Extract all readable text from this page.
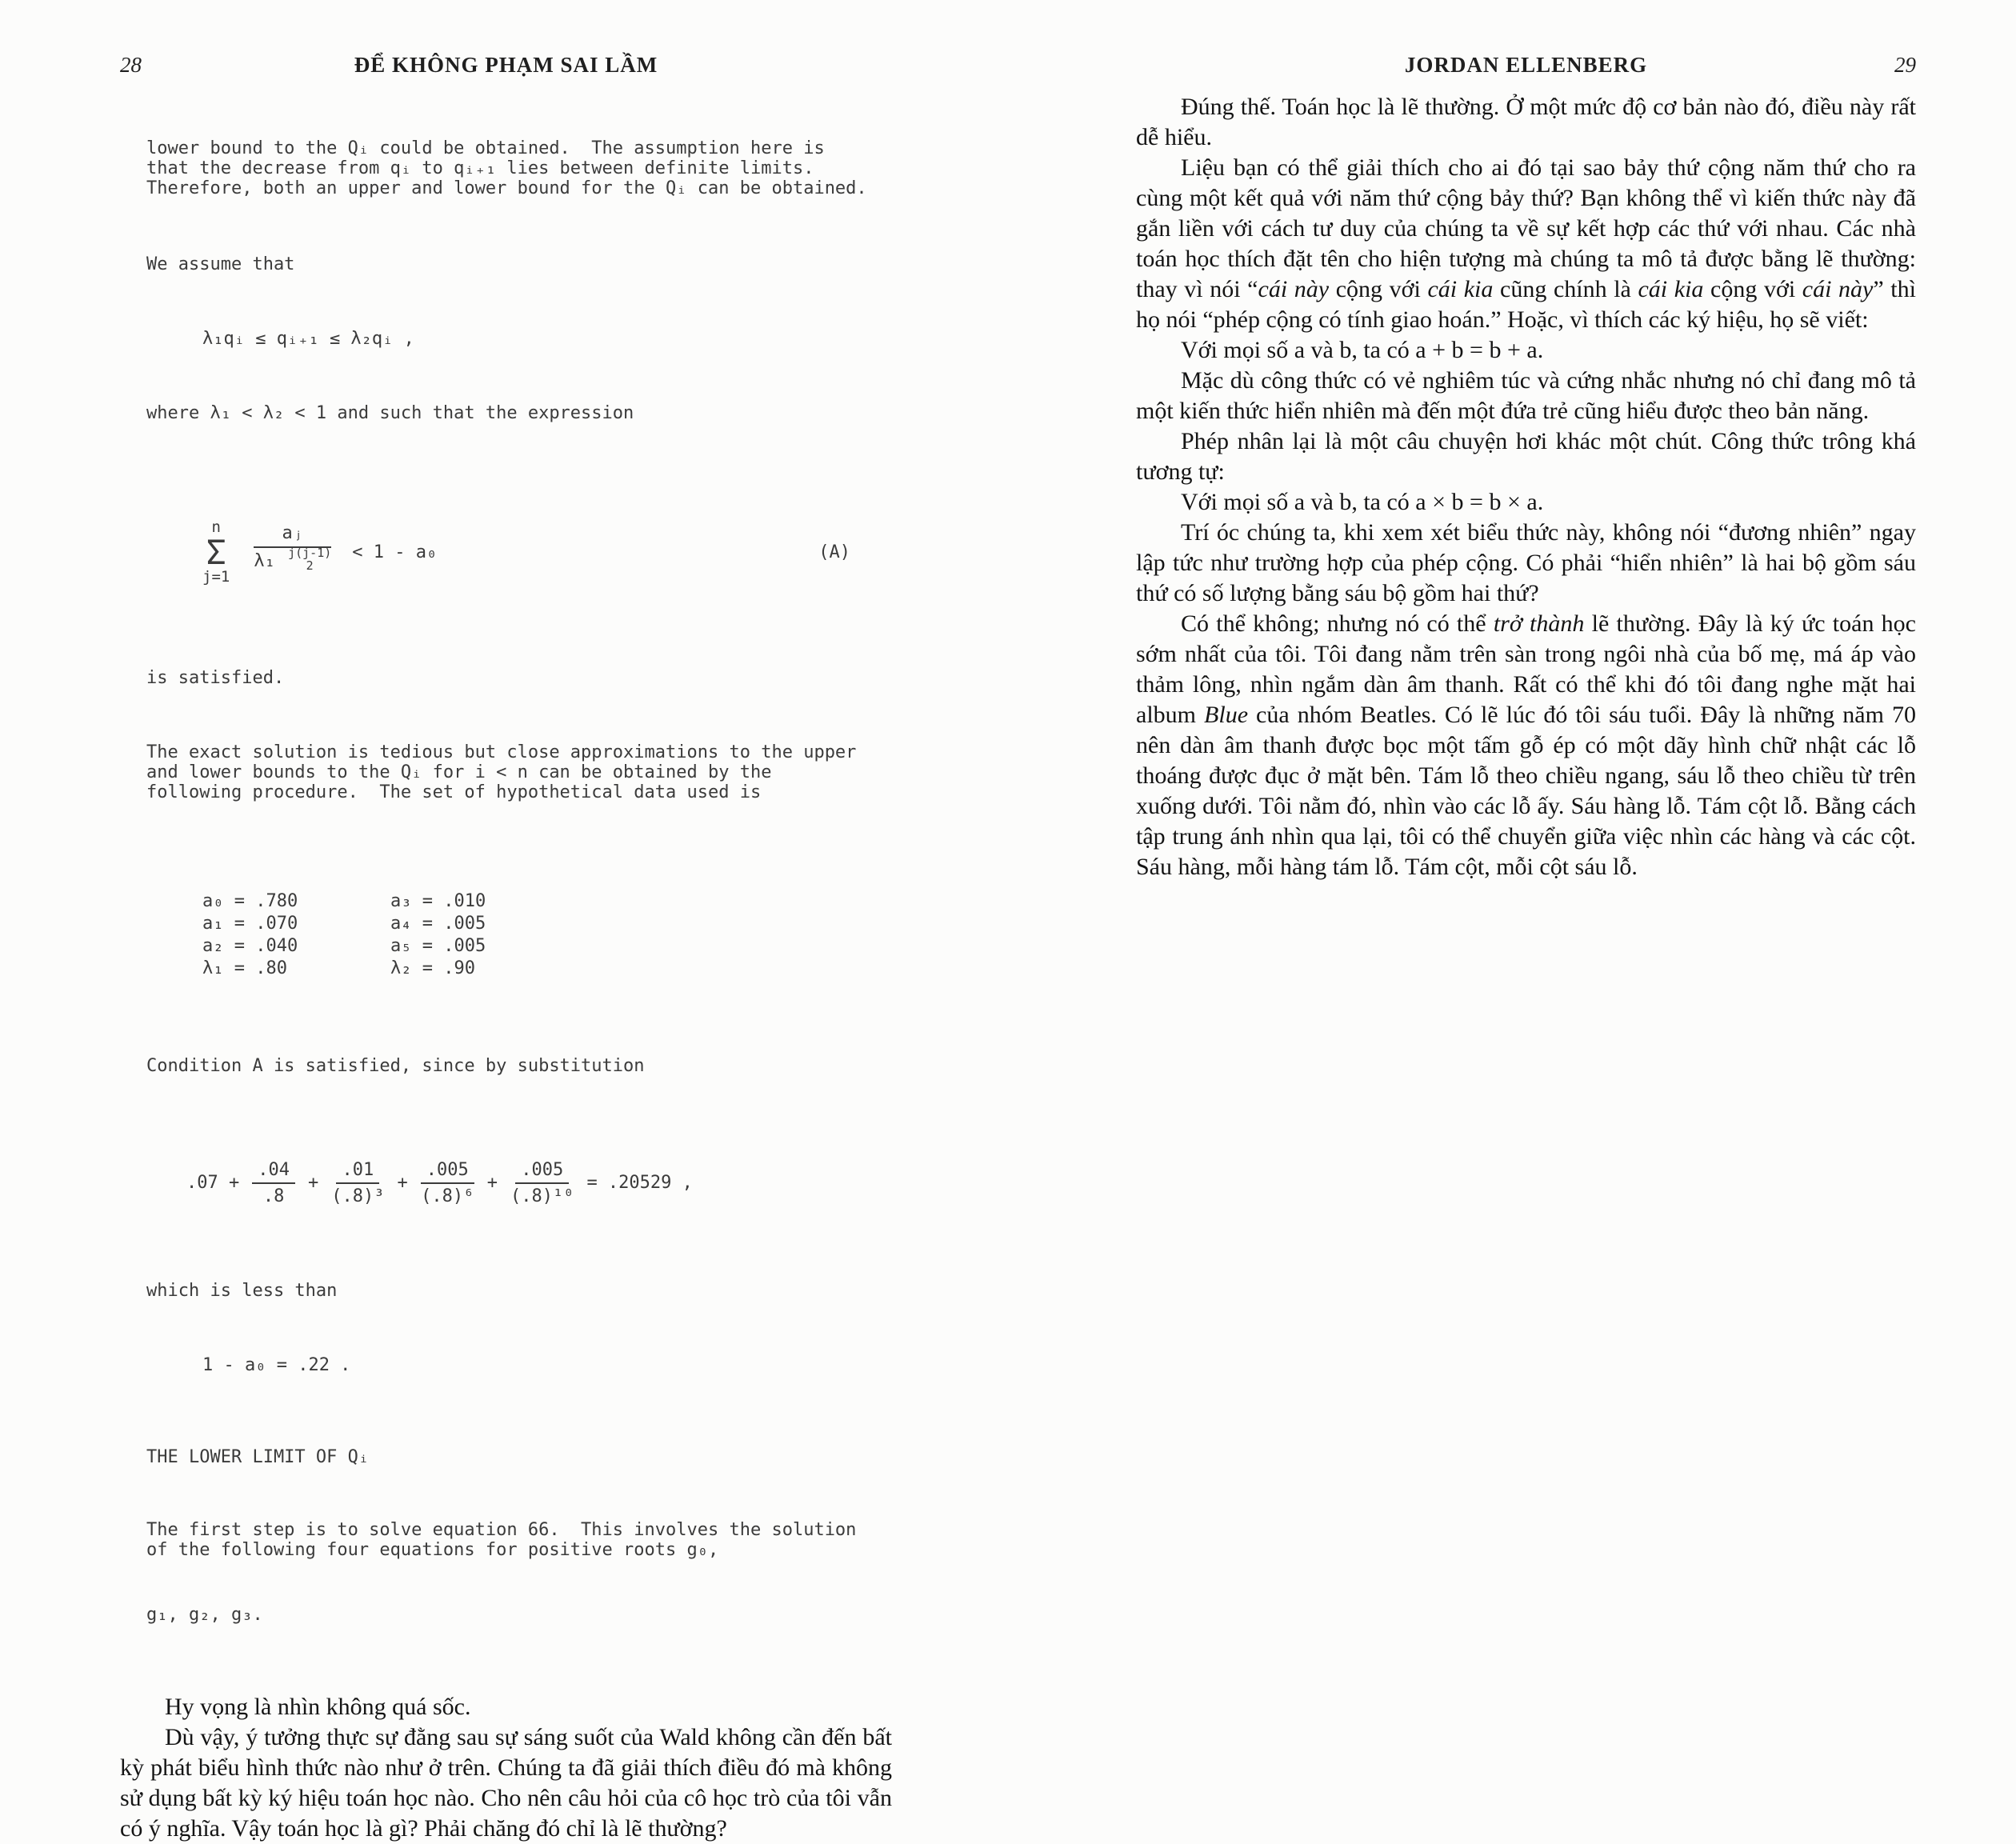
28	ĐỂ KHÔNG PHẠM SAI LẦM

lower bound to the Qᵢ could be obtained.  The assumption here is that the decrease from qᵢ to qᵢ₊₁ lies between definite limits. Therefore, both an upper and lower bound for the Qᵢ can be obtained.

We assume that

λ₁qᵢ ≤ qᵢ₊₁ ≤ λ₂qᵢ ,

where λ₁ < λ₂ < 1 and such that the expression

n
Σ
j=1 aⱼ
λ₁ j(j-1)
2 < 1 - a₀	(A)

is satisfied.

The exact solution is tedious but close approximations to the upper and lower bounds to the Qᵢ for i < n can be obtained by the following procedure.  The set of hypothetical data used is

a₀ = .780	a₃ = .010
a₁ = .070	a₄ = .005
a₂ = .040	a₅ = .005
λ₁ = .80	λ₂ = .90

Condition A is satisfied, since by substitution

$.07 + \frac{.04}{.8} + \frac{.01}{\text{(.8)³}} + \frac{.005}{\text{(.8)⁶}} + \frac{.005}{\text{(.8)¹⁰}} = .20529$ ,

which is less than

1 - a₀ = .22 .

THE LOWER LIMIT OF Qᵢ

The first step is to solve equation 66.  This involves the solution of the following four equations for positive roots g₀,

g₁, g₂, g₃.

Hy vọng là nhìn không quá sốc.

Dù vậy, ý tưởng thực sự đằng sau sự sáng suốt của Wald không cần đến bất kỳ phát biểu hình thức nào như ở trên. Chúng ta đã giải thích điều đó mà không sử dụng bất kỳ ký hiệu toán học nào. Cho nên câu hỏi của cô học trò của tôi vẫn có ý nghĩa. Vậy toán học là gì? Phải chăng đó chỉ là lẽ thường?

JORDAN ELLENBERG	29

Đúng thế. Toán học là lẽ thường. Ở một mức độ cơ bản nào đó, điều này rất dễ hiểu.

Liệu bạn có thể giải thích cho ai đó tại sao bảy thứ cộng năm thứ cho ra cùng một kết quả với năm thứ cộng bảy thứ? Bạn không thể vì kiến thức này đã gắn liền với cách tư duy của chúng ta về sự kết hợp các thứ với nhau. Các nhà toán học thích đặt tên cho hiện tượng mà chúng ta mô tả được bằng lẽ thường: thay vì nói “cái này cộng với cái kia cũng chính là cái kia cộng với cái này” thì họ nói “phép cộng có tính giao hoán.” Hoặc, vì thích các ký hiệu, họ sẽ viết:

Với mọi số a và b, ta có a + b = b + a.

Mặc dù công thức có vẻ nghiêm túc và cứng nhắc nhưng nó chỉ đang mô tả một kiến thức hiển nhiên mà đến một đứa trẻ cũng hiểu được theo bản năng.

Phép nhân lại là một câu chuyện hơi khác một chút. Công thức trông khá tương tự:

Với mọi số a và b, ta có a × b = b × a.

Trí óc chúng ta, khi xem xét biểu thức này, không nói “đương nhiên” ngay lập tức như trường hợp của phép cộng. Có phải “hiển nhiên” là hai bộ gồm sáu thứ có số lượng bằng sáu bộ gồm hai thứ?

Có thể không; nhưng nó có thể trở thành lẽ thường. Đây là ký ức toán học sớm nhất của tôi. Tôi đang nằm trên sàn trong ngôi nhà của bố mẹ, má áp vào thảm lông, nhìn ngắm dàn âm thanh. Rất có thể khi đó tôi đang nghe mặt hai album Blue của nhóm Beatles. Có lẽ lúc đó tôi sáu tuổi. Đây là những năm 70 nên dàn âm thanh được bọc một tấm gỗ ép có một dãy hình chữ nhật các lỗ thoáng được đục ở mặt bên. Tám lỗ theo chiều ngang, sáu lỗ theo chiều từ trên xuống dưới. Tôi nằm đó, nhìn vào các lỗ ấy. Sáu hàng lỗ. Tám cột lỗ. Bằng cách tập trung ánh nhìn qua lại, tôi có thể chuyển giữa việc nhìn các hàng và các cột. Sáu hàng, mỗi hàng tám lỗ. Tám cột, mỗi cột sáu lỗ.
